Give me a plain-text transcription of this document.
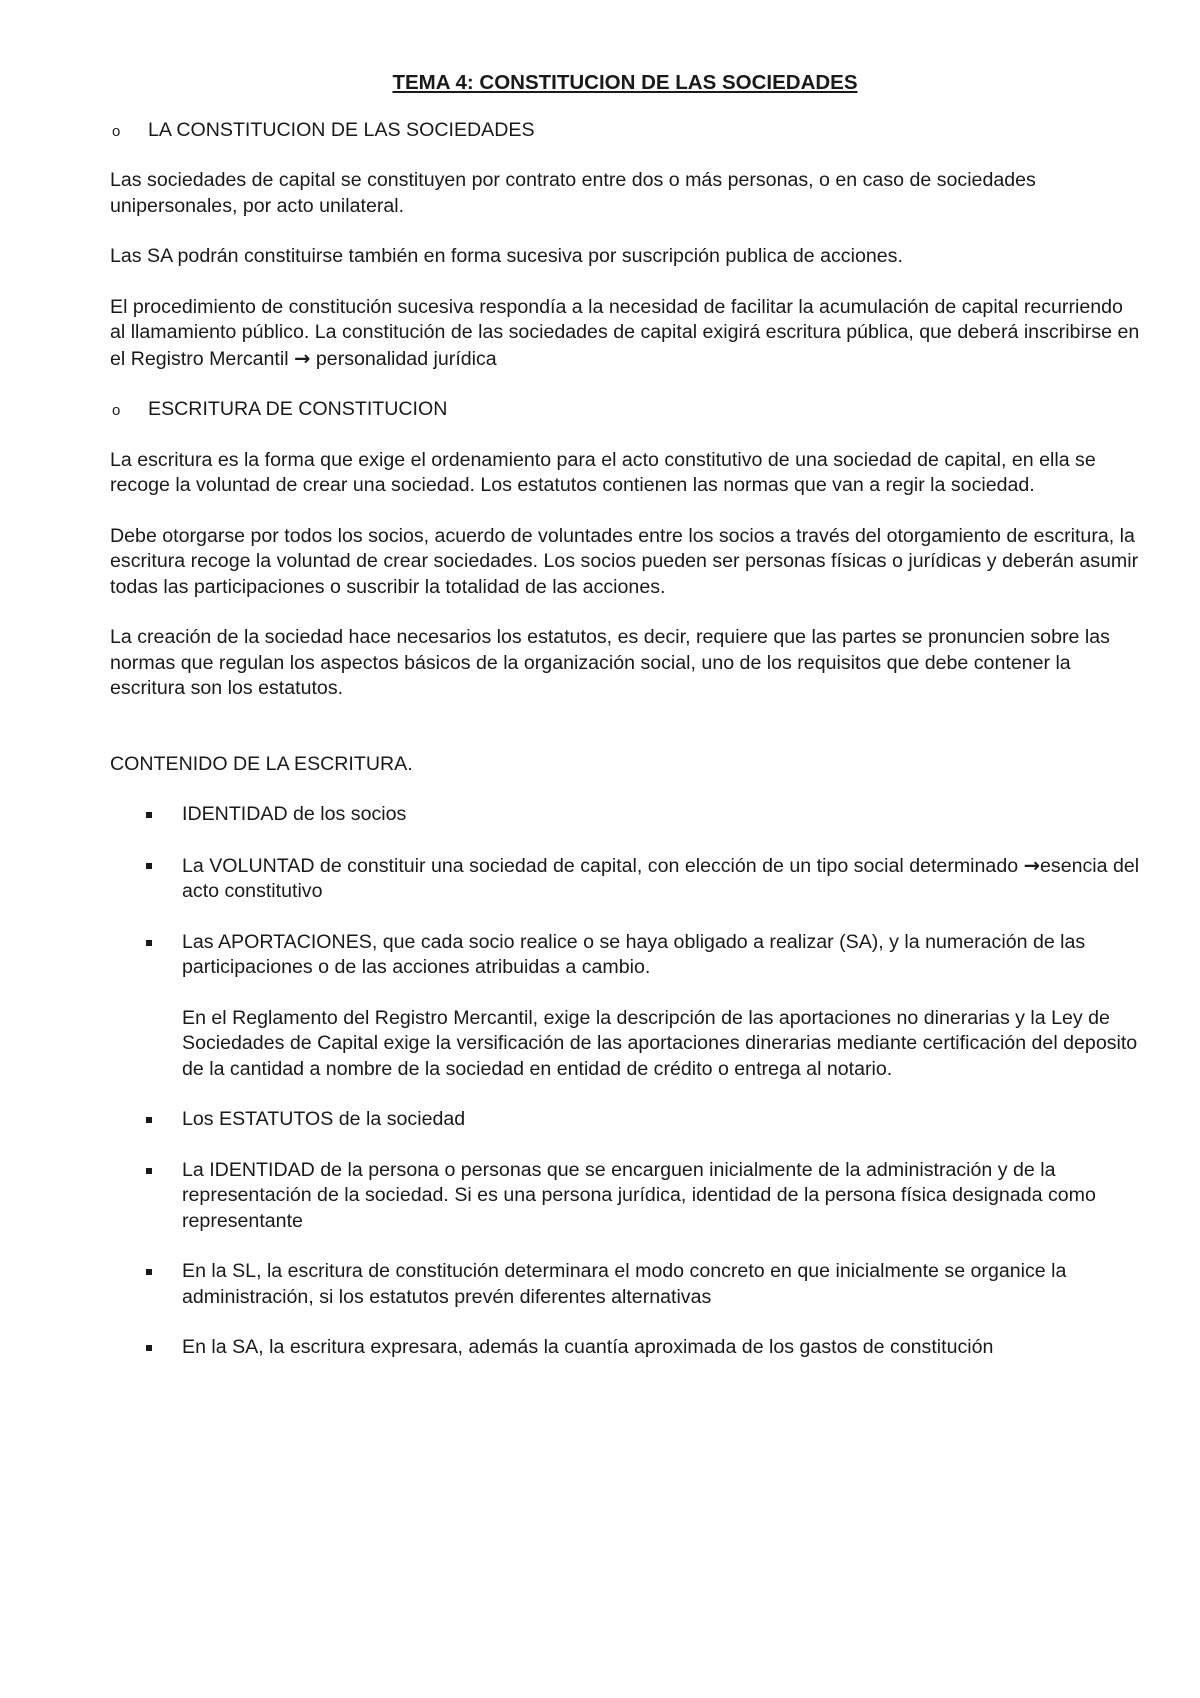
TEMA 4: CONSTITUCION DE LAS SOCIEDADES
o	LA CONSTITUCION DE LAS SOCIEDADES

Las sociedades de capital se constituyen por contrato entre dos o más personas, o en caso de sociedades unipersonales, por acto unilateral.

Las SA podrán constituirse también en forma sucesiva por suscripción publica de acciones.

El procedimiento de constitución sucesiva respondía a la necesidad de facilitar la acumulación de capital recurriendo al llamamiento público. La constitución de las sociedades de capital exigirá escritura pública, que deberá inscribirse en el Registro Mercantil → personalidad jurídica

o	ESCRITURA DE CONSTITUCION

La escritura es la forma que exige el ordenamiento para el acto constitutivo de una sociedad de capital, en ella se recoge la voluntad de crear una sociedad. Los estatutos contienen las normas que van a regir la sociedad.

Debe otorgarse por todos los socios, acuerdo de voluntades entre los socios a través del otorgamiento de escritura, la escritura recoge la voluntad de crear sociedades. Los socios pueden ser personas físicas o jurídicas y deberán asumir todas las participaciones o suscribir la totalidad de las acciones.

La creación de la sociedad hace necesarios los estatutos, es decir, requiere que las partes se pronuncien sobre las normas que regulan los aspectos básicos de la organización social, uno de los requisitos que debe contener la escritura son los estatutos.

CONTENIDO DE LA ESCRITURA.
IDENTIDAD de los socios
La VOLUNTAD de constituir una sociedad de capital, con elección de un tipo social determinado →esencia del acto constitutivo
Las APORTACIONES, que cada socio realice o se haya obligado a realizar (SA), y la numeración de las participaciones o de las acciones atribuidas a cambio.
En el Reglamento del Registro Mercantil, exige la descripción de las aportaciones no dinerarias y la Ley de Sociedades de Capital exige la versificación de las aportaciones dinerarias mediante certificación del deposito de la cantidad a nombre de la sociedad en entidad de crédito o entrega al notario.
Los ESTATUTOS de la sociedad
La IDENTIDAD de la persona o personas que se encarguen inicialmente de la administración y de la representación de la sociedad. Si es una persona jurídica, identidad de la persona física designada como representante
En la SL, la escritura de constitución determinara el modo concreto en que inicialmente se organice la administración, si los estatutos prevén diferentes alternativas
En la SA, la escritura expresara, además la cuantía aproximada de los gastos de constitución
